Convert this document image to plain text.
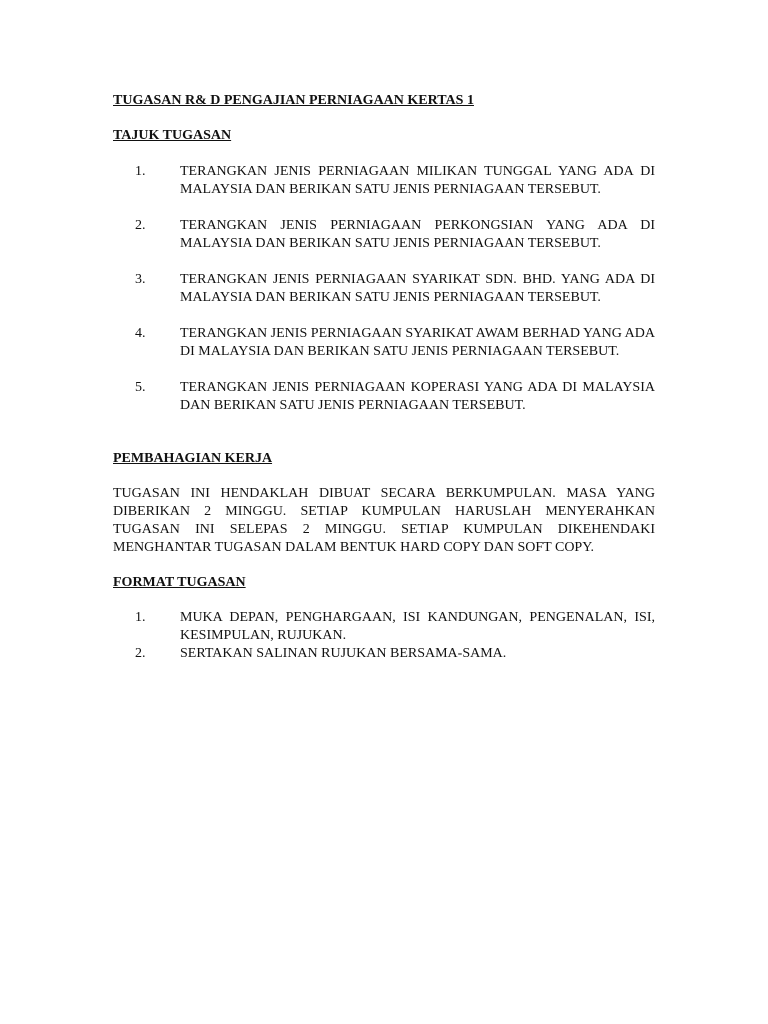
TUGASAN R& D PENGAJIAN PERNIAGAAN KERTAS 1

TAJUK TUGASAN

1.	TERANGKAN JENIS PERNIAGAAN MILIKAN TUNGGAL YANG ADA DI MALAYSIA DAN BERIKAN SATU JENIS PERNIAGAAN TERSEBUT.
2.	TERANGKAN JENIS PERNIAGAAN PERKONGSIAN YANG ADA DI MALAYSIA DAN BERIKAN SATU JENIS PERNIAGAAN TERSEBUT.
3.	TERANGKAN JENIS PERNIAGAAN SYARIKAT SDN. BHD. YANG ADA DI MALAYSIA DAN BERIKAN SATU JENIS PERNIAGAAN TERSEBUT.
4.	TERANGKAN JENIS PERNIAGAAN SYARIKAT AWAM BERHAD YANG ADA DI MALAYSIA DAN BERIKAN SATU JENIS PERNIAGAAN TERSEBUT.
5.	TERANGKAN JENIS PERNIAGAAN KOPERASI YANG ADA DI MALAYSIA DAN BERIKAN SATU JENIS PERNIAGAAN TERSEBUT.

PEMBAHAGIAN KERJA

TUGASAN INI HENDAKLAH DIBUAT SECARA BERKUMPULAN. MASA YANG DIBERIKAN 2 MINGGU. SETIAP KUMPULAN HARUSLAH MENYERAHKAN TUGASAN INI SELEPAS 2 MINGGU. SETIAP KUMPULAN DIKEHENDAKI MENGHANTAR TUGASAN DALAM BENTUK HARD COPY DAN SOFT COPY.

FORMAT TUGASAN

1.	MUKA DEPAN, PENGHARGAAN, ISI KANDUNGAN, PENGENALAN, ISI, KESIMPULAN, RUJUKAN.
2.	SERTAKAN SALINAN RUJUKAN BERSAMA-SAMA.
